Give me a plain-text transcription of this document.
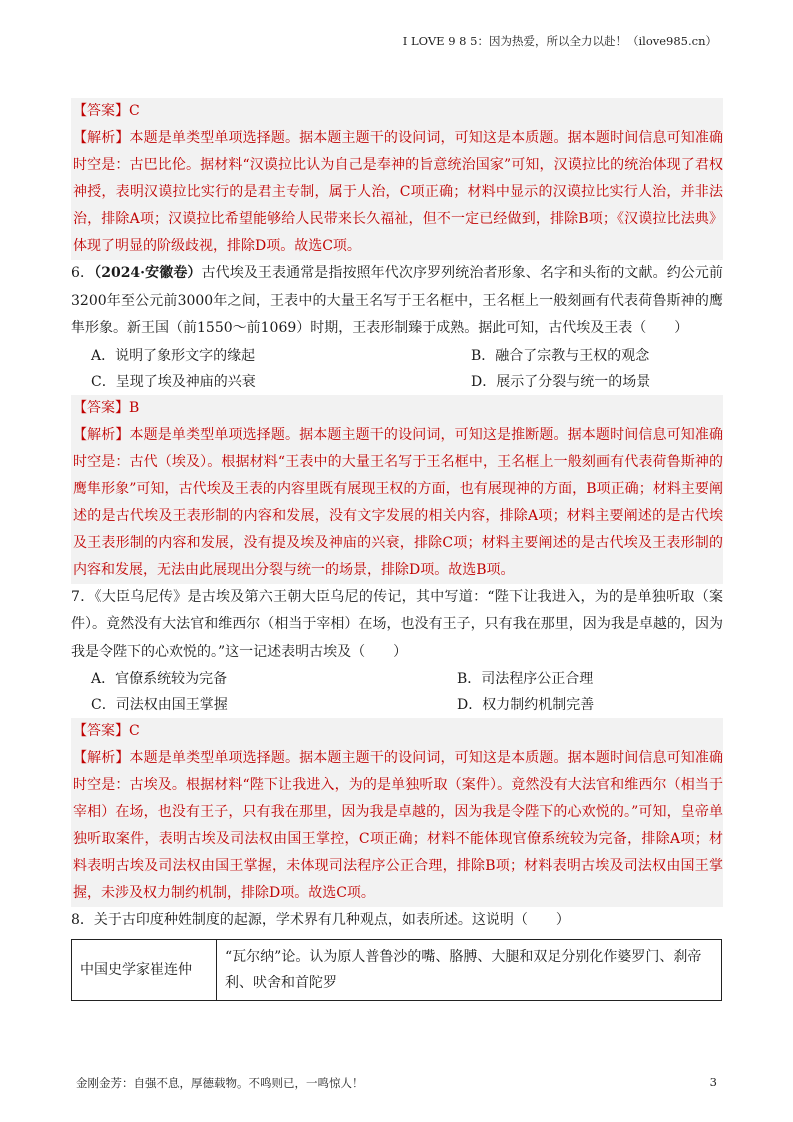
I LOVE 9 8 5：因为热爱，所以全力以赴！（ilove985.cn）

【答案】C

【解析】本题是单类型单项选择题。据本题主题干的设问词，可知这是本质题。据本题时间信息可知准确时空是：古巴比伦。据材料“汉谟拉比认为自己是奉神的旨意统治国家”可知，汉谟拉比的统治体现了君权神授，表明汉谟拉比实行的是君主专制，属于人治，C项正确；材料中显示的汉谟拉比实行人治，并非法治，排除A项；汉谟拉比希望能够给人民带来长久福祉，但不一定已经做到，排除B项；《汉谟拉比法典》体现了明显的阶级歧视，排除D项。故选C项。

6．（2024·安徽卷）古代埃及王表通常是指按照年代次序罗列统治者形象、名字和头衔的文献。约公元前3200年至公元前3000年之间，王表中的大量王名写于王名框中，王名框上一般刻画有代表荷鲁斯神的鹰隼形象。新王国（前1550～前1069）时期，王表形制臻于成熟。据此可知，古代埃及王表（　　）

A．说明了象形文字的缘起	B．融合了宗教与王权的观念
C．呈现了埃及神庙的兴衰	D．展示了分裂与统一的场景

【答案】B

【解析】本题是单类型单项选择题。据本题主题干的设问词，可知这是推断题。据本题时间信息可知准确时空是：古代（埃及）。根据材料“王表中的大量王名写于王名框中，王名框上一般刻画有代表荷鲁斯神的鹰隼形象”可知，古代埃及王表的内容里既有展现王权的方面，也有展现神的方面，B项正确；材料主要阐述的是古代埃及王表形制的内容和发展，没有文字发展的相关内容，排除A项；材料主要阐述的是古代埃及王表形制的内容和发展，没有提及埃及神庙的兴衰，排除C项；材料主要阐述的是古代埃及王表形制的内容和发展，无法由此展现出分裂与统一的场景，排除D项。故选B项。

7．《大臣乌尼传》是古埃及第六王朝大臣乌尼的传记，其中写道：“陛下让我进入，为的是单独听取（案件）。竟然没有大法官和维西尔（相当于宰相）在场，也没有王子，只有我在那里，因为我是卓越的，因为我是令陛下的心欢悦的。”这一记述表明古埃及（　　）

A．官僚系统较为完备	B．司法程序公正合理
C．司法权由国王掌握	D．权力制约机制完善

【答案】C

【解析】本题是单类型单项选择题。据本题主题干的设问词，可知这是本质题。据本题时间信息可知准确时空是：古埃及。根据材料“陛下让我进入，为的是单独听取（案件）。竟然没有大法官和维西尔（相当于宰相）在场，也没有王子，只有我在那里，因为我是卓越的，因为我是令陛下的心欢悦的。”可知，皇帝单独听取案件，表明古埃及司法权由国王掌控，C项正确；材料不能体现官僚系统较为完备，排除A项；材料表明古埃及司法权由国王掌握，未体现司法程序公正合理，排除B项；材料表明古埃及司法权由国王掌握，未涉及权力制约机制，排除D项。故选C项。

8．关于古印度种姓制度的起源，学术界有几种观点，如表所述。这说明（　　）

中国史学家崔连仲	“瓦尔纳”论。认为原人普鲁沙的嘴、胳膊、大腿和双足分别化作婆罗门、刹帝利、吠舍和首陀罗
金刚金芳：自强不息，厚德载物。不鸣则已，一鸣惊人！	3
